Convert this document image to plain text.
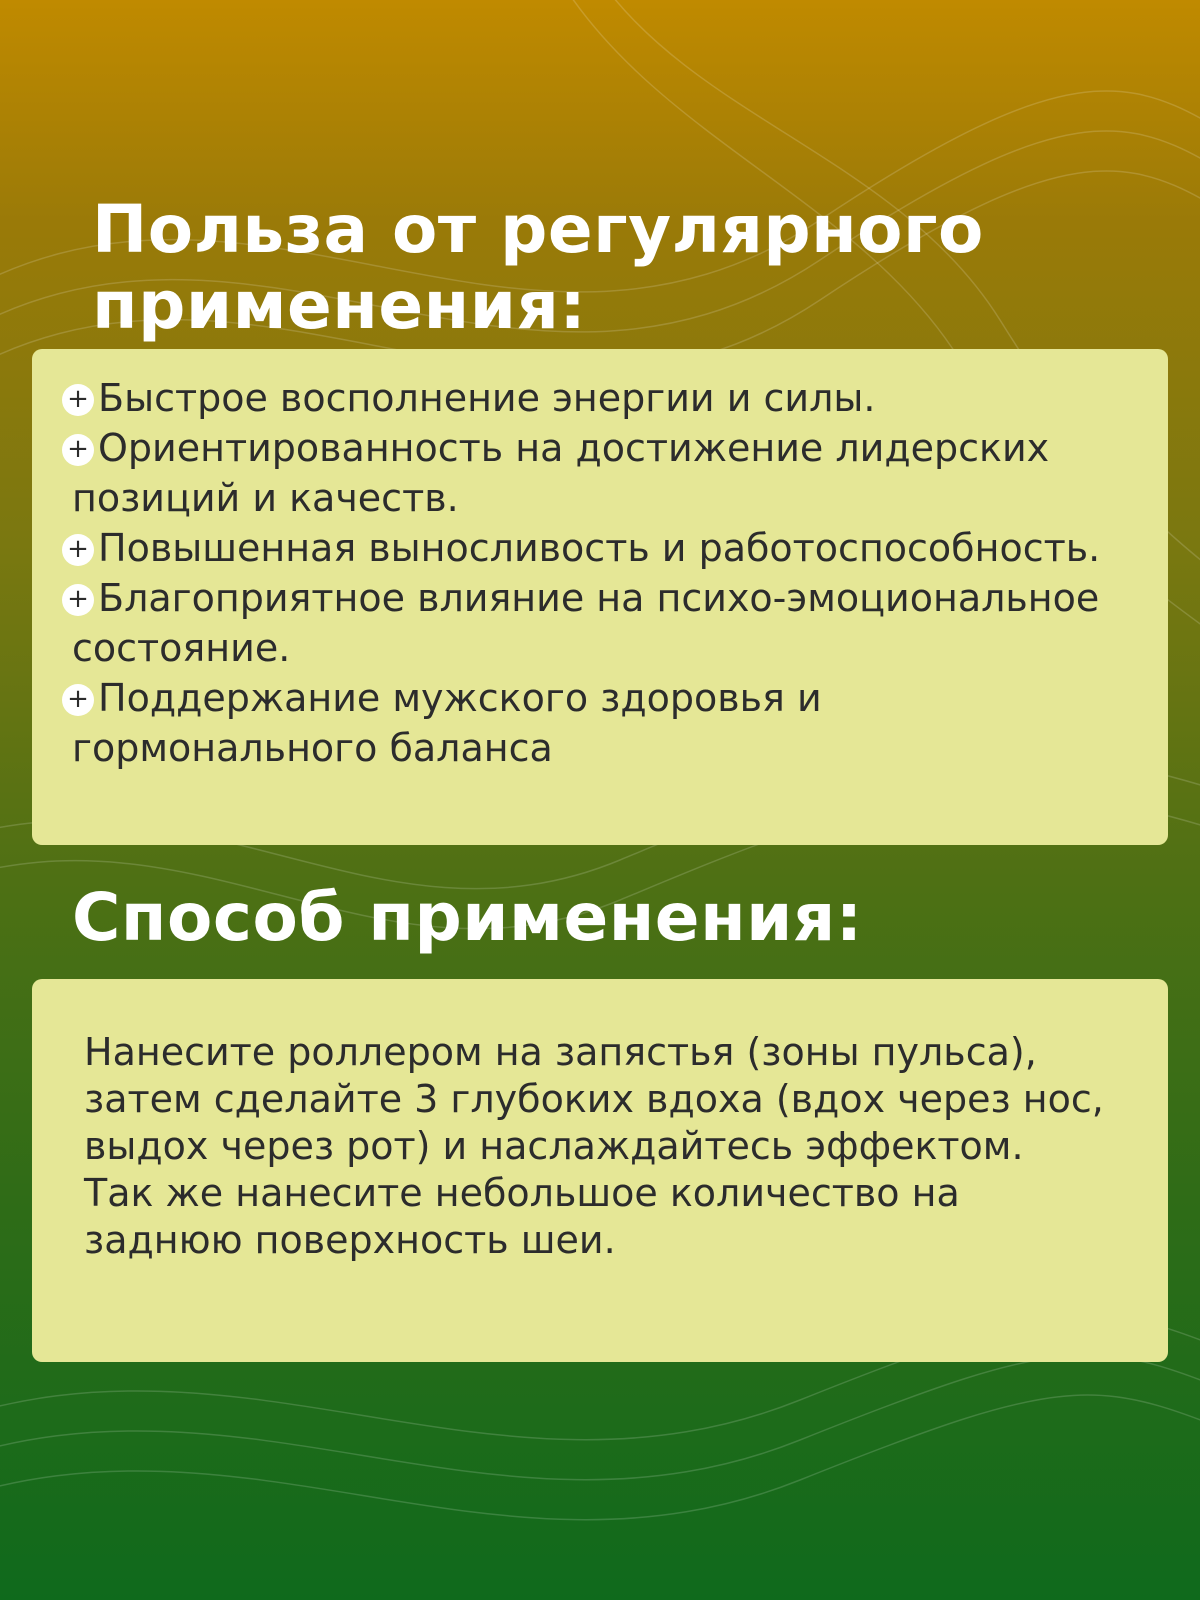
Польза от регулярного применения:

+ Быстрое восполнение энергии и силы.

+ Ориентированность на достижение лидерских позиций и качеств.

+ Повышенная выносливость и работоспособность.

+ Благоприятное влияние на психо-эмоциональное состояние.

+ Поддержание мужского здоровья и гормонального баланса

Способ применения:
Нанесите роллером на запястья (зоны пульса), затем сделайте 3 глубоких вдоха (вдох через нос, выдох через рот) и наслаждайтесь эффектом.
Так же нанесите небольшое количество на заднюю поверхность шеи.
